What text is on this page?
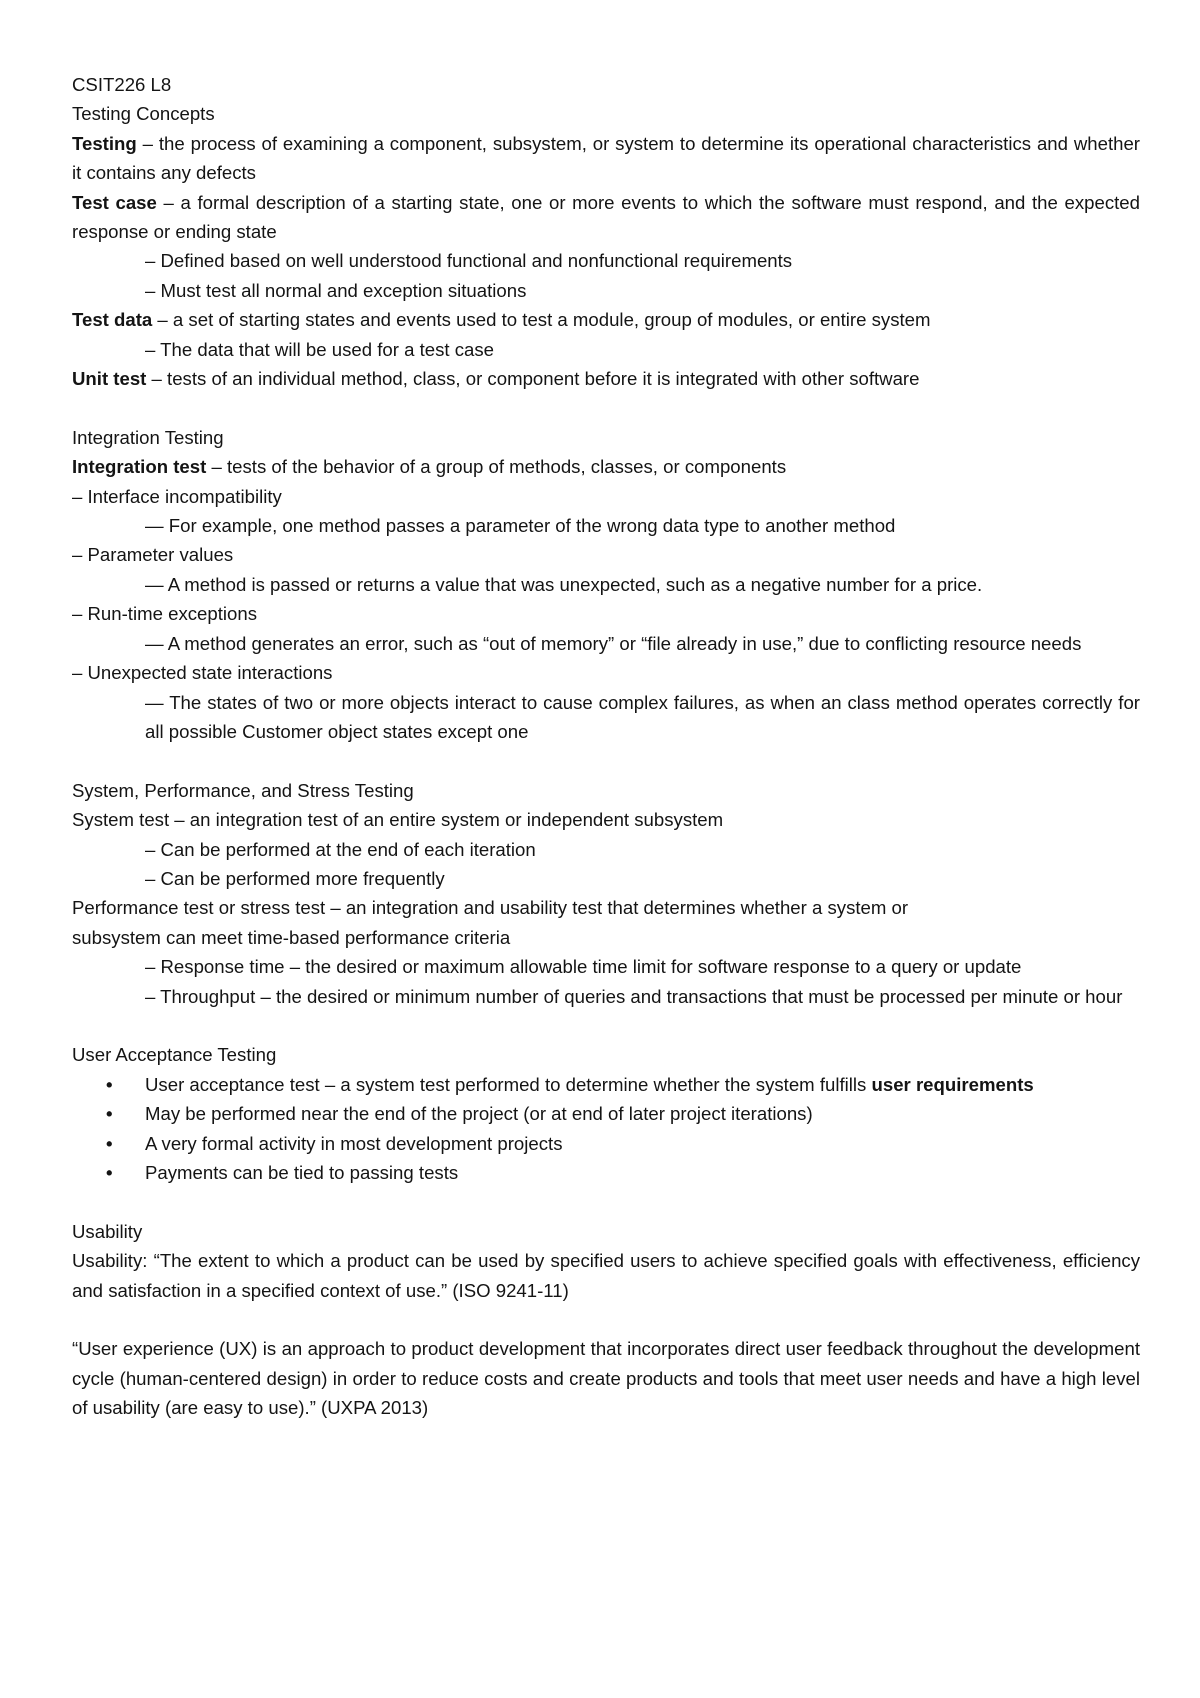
CSIT226 L8
Testing Concepts
Testing – the process of examining a component, subsystem, or system to determine its operational characteristics and whether it contains any defects
Test case – a formal description of a starting state, one or more events to which the software must respond, and the expected response or ending state
– Defined based on well understood functional and nonfunctional requirements
– Must test all normal and exception situations
Test data – a set of starting states and events used to test a module, group of modules, or entire system
– The data that will be used for a test case
Unit test – tests of an individual method, class, or component before it is integrated with other software
Integration Testing
Integration test – tests of the behavior of a group of methods, classes, or components
– Interface incompatibility
— For example, one method passes a parameter of the wrong data type to another method
– Parameter values
— A method is passed or returns a value that was unexpected, such as a negative number for a price.
– Run-time exceptions
— A method generates an error, such as “out of memory” or “file already in use,” due to conflicting resource needs
– Unexpected state interactions
— The states of two or more objects interact to cause complex failures, as when an class method operates correctly for all possible Customer object states except one
System, Performance, and Stress Testing
System test – an integration test of an entire system or independent subsystem
– Can be performed at the end of each iteration
– Can be performed more frequently
Performance test or stress test – an integration and usability test that determines whether a system or
subsystem can meet time-based performance criteria
– Response time – the desired or maximum allowable time limit for software response to a query or update
– Throughput – the desired or minimum number of queries and transactions that must be processed per minute or hour
User Acceptance Testing
•	User acceptance test – a system test performed to determine whether the system fulfills user requirements
•	May be performed near the end of the project (or at end of later project iterations)
•	A very formal activity in most development projects
•	Payments can be tied to passing tests
Usability
Usability: “The extent to which a product can be used by specified users to achieve specified goals with effectiveness, efficiency and satisfaction in a specified context of use.” (ISO 9241-11)
“User experience (UX) is an approach to product development that incorporates direct user feedback throughout the development cycle (human-centered design) in order to reduce costs and create products and tools that meet user needs and have a high level of usability (are easy to use).” (UXPA 2013)
